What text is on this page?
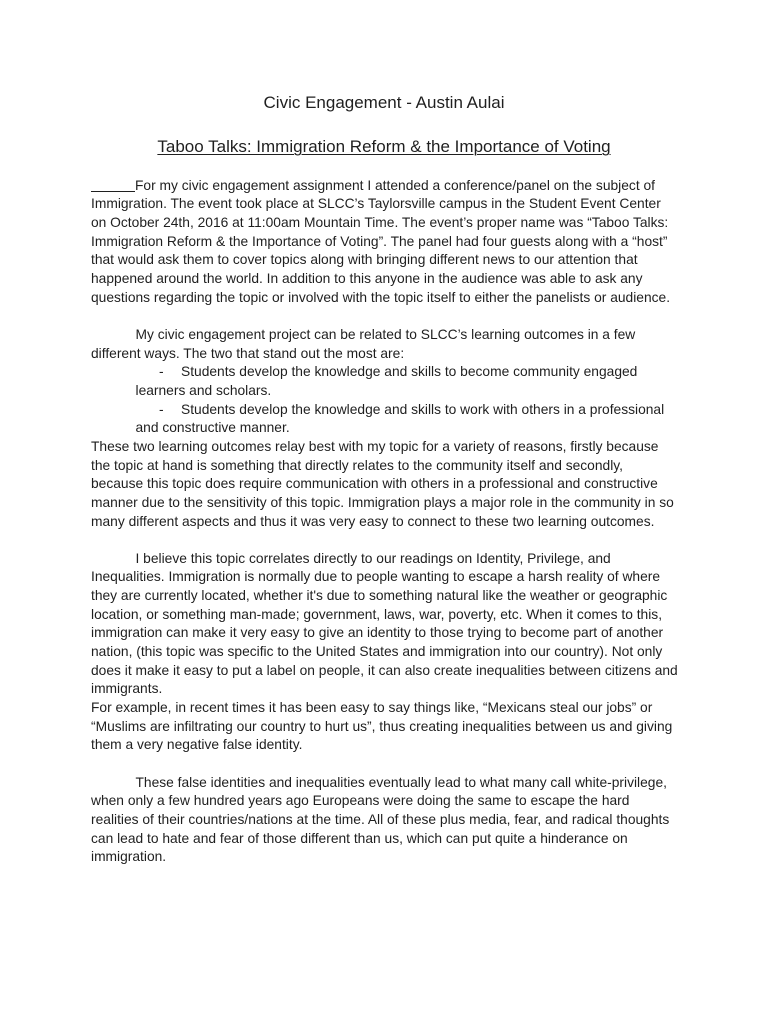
Civic Engagement - Austin Aulai
Taboo Talks: Immigration Reform & the Importance of Voting
For my civic engagement assignment I attended a conference/panel on the subject of
Immigration. The event took place at SLCC’s Taylorsville campus in the Student Event Center
on October 24th, 2016 at 11:00am Mountain Time. The event’s proper name was “Taboo Talks:
Immigration Reform & the Importance of Voting”. The panel had four guests along with a “host”
that would ask them to cover topics along with bringing different news to our attention that
happened around the world. In addition to this anyone in the audience was able to ask any
questions regarding the topic or involved with the topic itself to either the panelists or audience.
My civic engagement project can be related to SLCC’s learning outcomes in a few
different ways. The two that stand out the most are:
- Students develop the knowledge and skills to become community engaged
learners and scholars.
- Students develop the knowledge and skills to work with others in a professional
and constructive manner.
These two learning outcomes relay best with my topic for a variety of reasons, firstly because
the topic at hand is something that directly relates to the community itself and secondly,
because this topic does require communication with others in a professional and constructive
manner due to the sensitivity of this topic. Immigration plays a major role in the community in so
many different aspects and thus it was very easy to connect to these two learning outcomes.
I believe this topic correlates directly to our readings on Identity, Privilege, and
Inequalities. Immigration is normally due to people wanting to escape a harsh reality of where
they are currently located, whether it's due to something natural like the weather or geographic
location, or something man-made; government, laws, war, poverty, etc. When it comes to this,
immigration can make it very easy to give an identity to those trying to become part of another
nation, (this topic was specific to the United States and immigration into our country). Not only
does it make it easy to put a label on people, it can also create inequalities between citizens and
immigrants.
For example, in recent times it has been easy to say things like, “Mexicans steal our jobs” or
“Muslims are infiltrating our country to hurt us”, thus creating inequalities between us and giving
them a very negative false identity.
These false identities and inequalities eventually lead to what many call white-privilege,
when only a few hundred years ago Europeans were doing the same to escape the hard
realities of their countries/nations at the time. All of these plus media, fear, and radical thoughts
can lead to hate and fear of those different than us, which can put quite a hinderance on
immigration.
